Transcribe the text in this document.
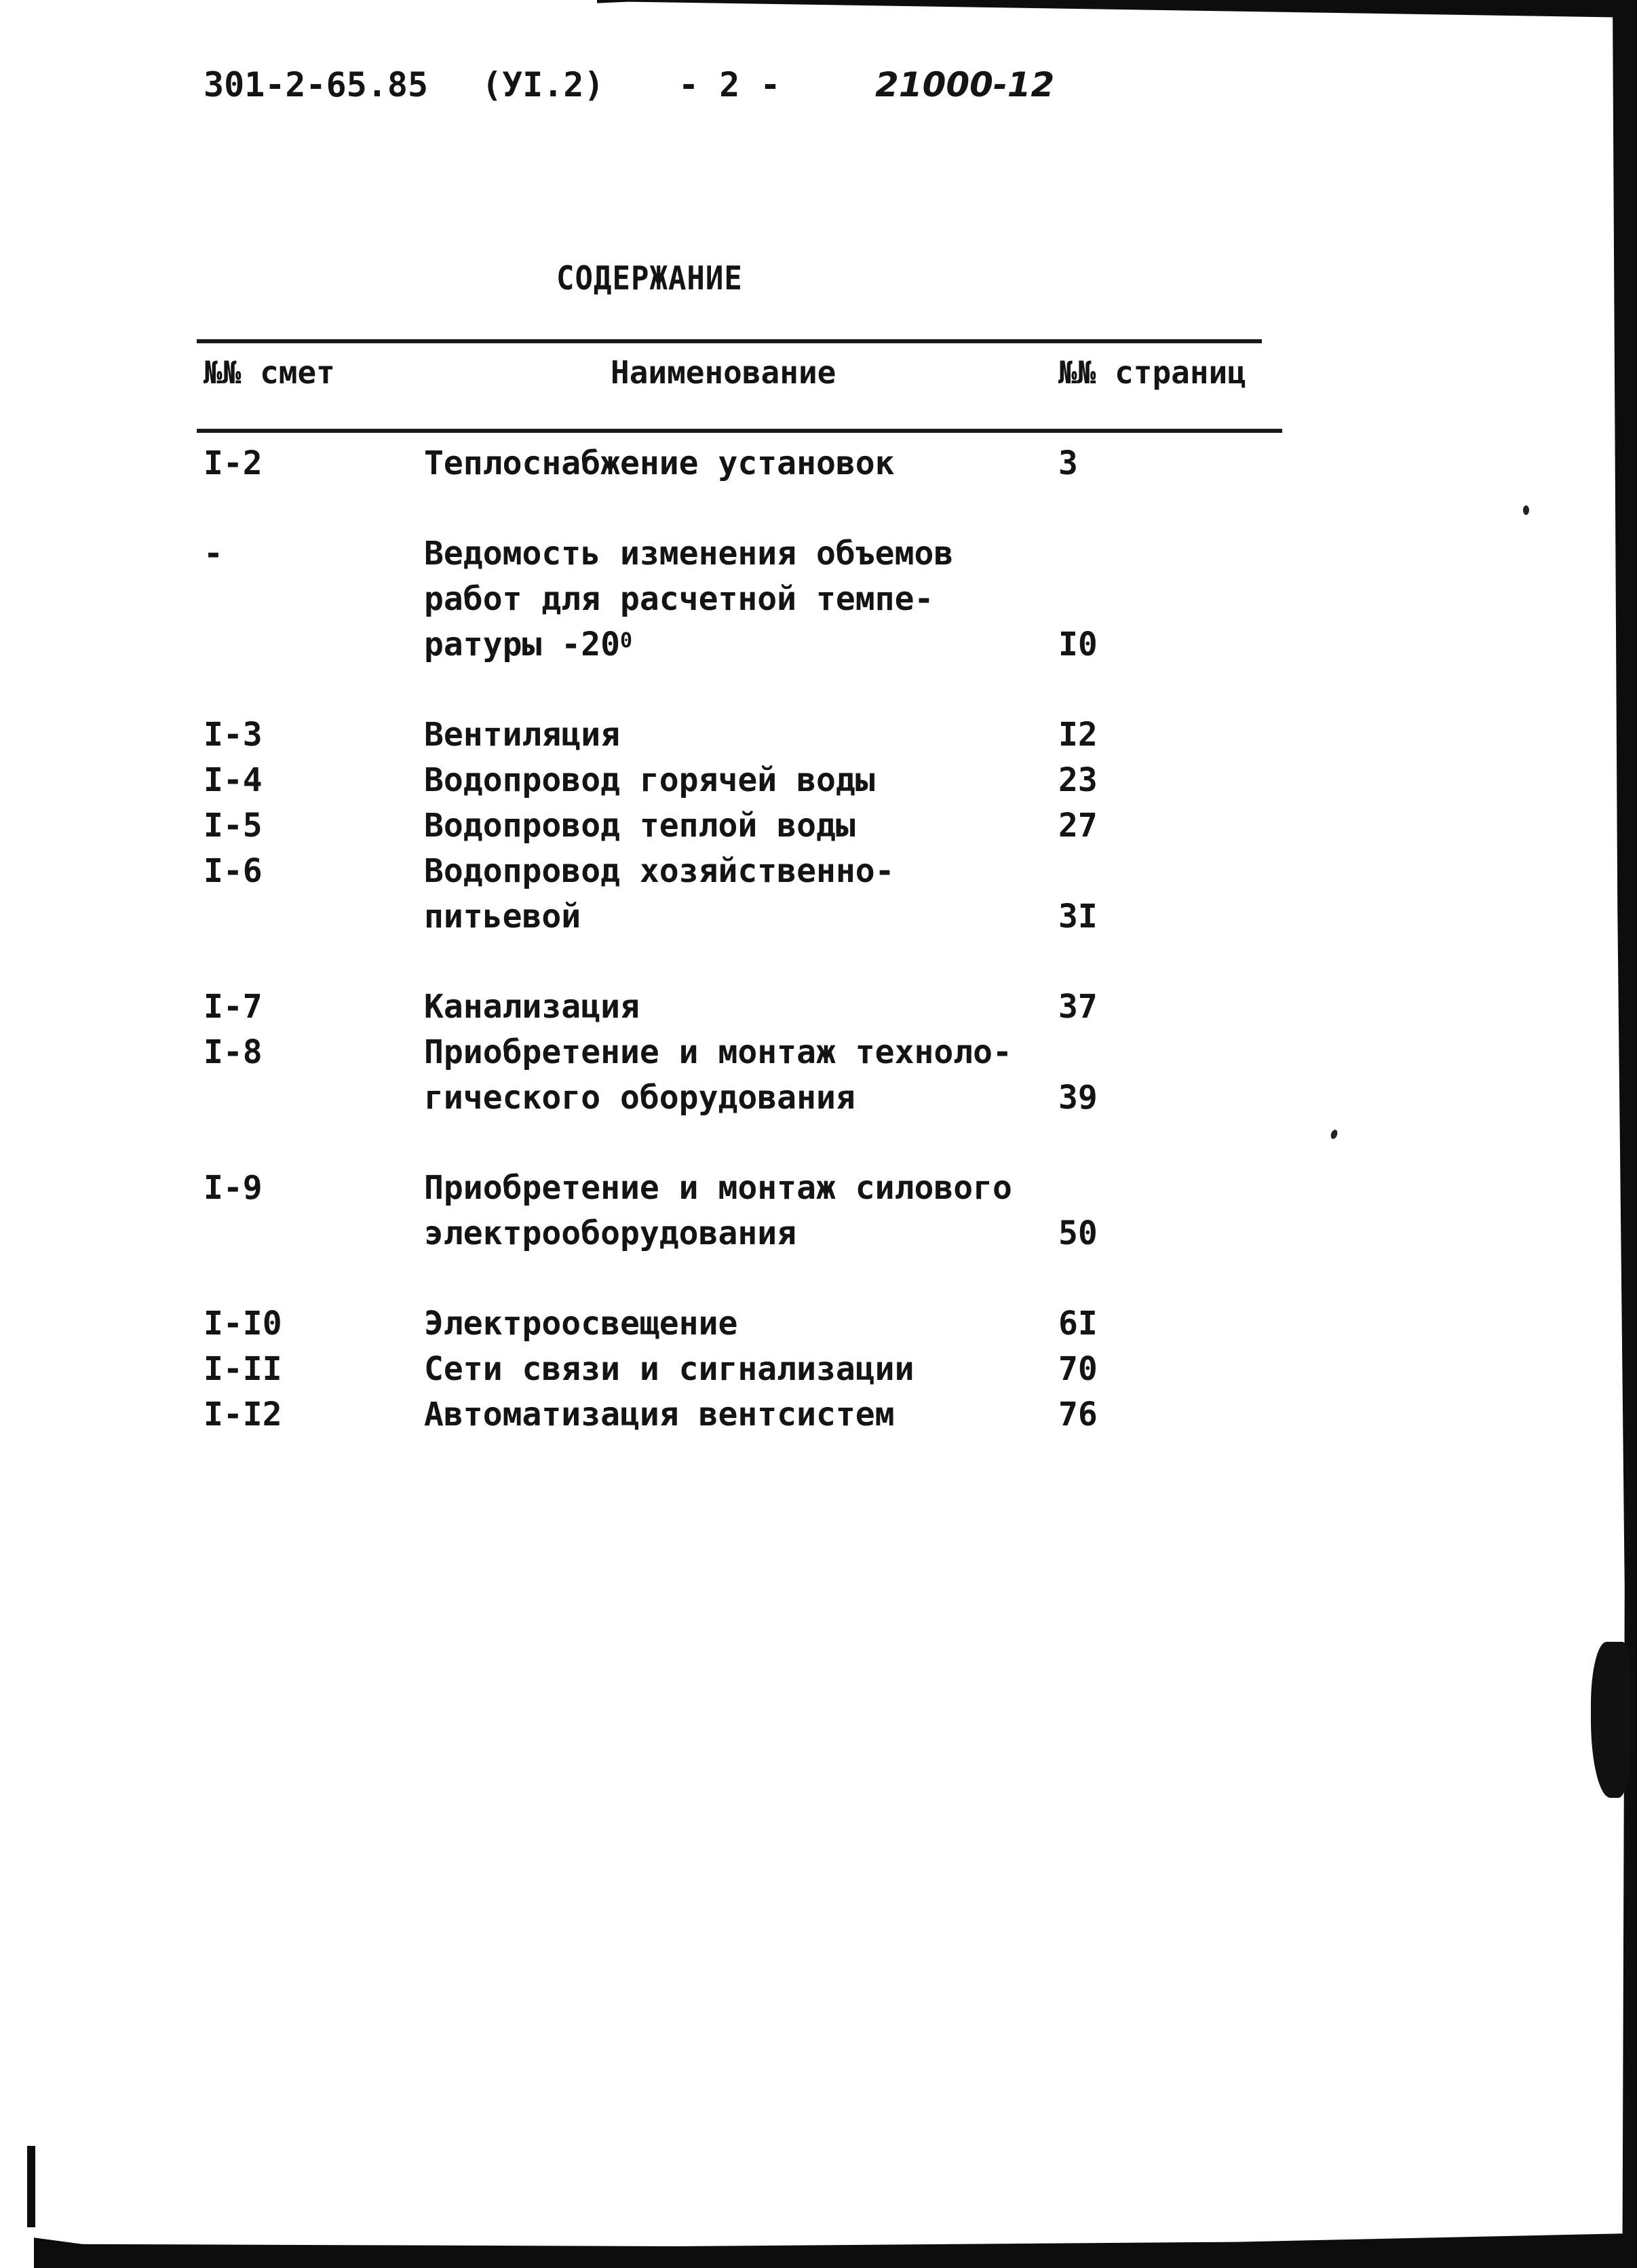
301-2-65.85 (УI.2) - 2 -	21000-12
СОДЕРЖАНИЕ
№№ смет	Наименование	№№ страниц
I-2	Теплоснабжение установок	3
-	Ведомость изменения объемов
работ для расчетной темпе-
ратуры $-20^0$	I0
I-3	Вентиляция	I2
I-4	Водопровод горячей воды	23
I-5	Водопровод теплой воды	27
I-6	Водопровод хозяйственно-
питьевой	3I
I-7	Канализация	37
I-8	Приобретение и монтаж техноло-
гического оборудования	39
I-9	Приобретение и монтаж силового
электрооборудования	50
I-I0	Электроосвещение	6I
I-II	Сети связи и сигнализации	70
I-I2	Автоматизация вентсистем	76
